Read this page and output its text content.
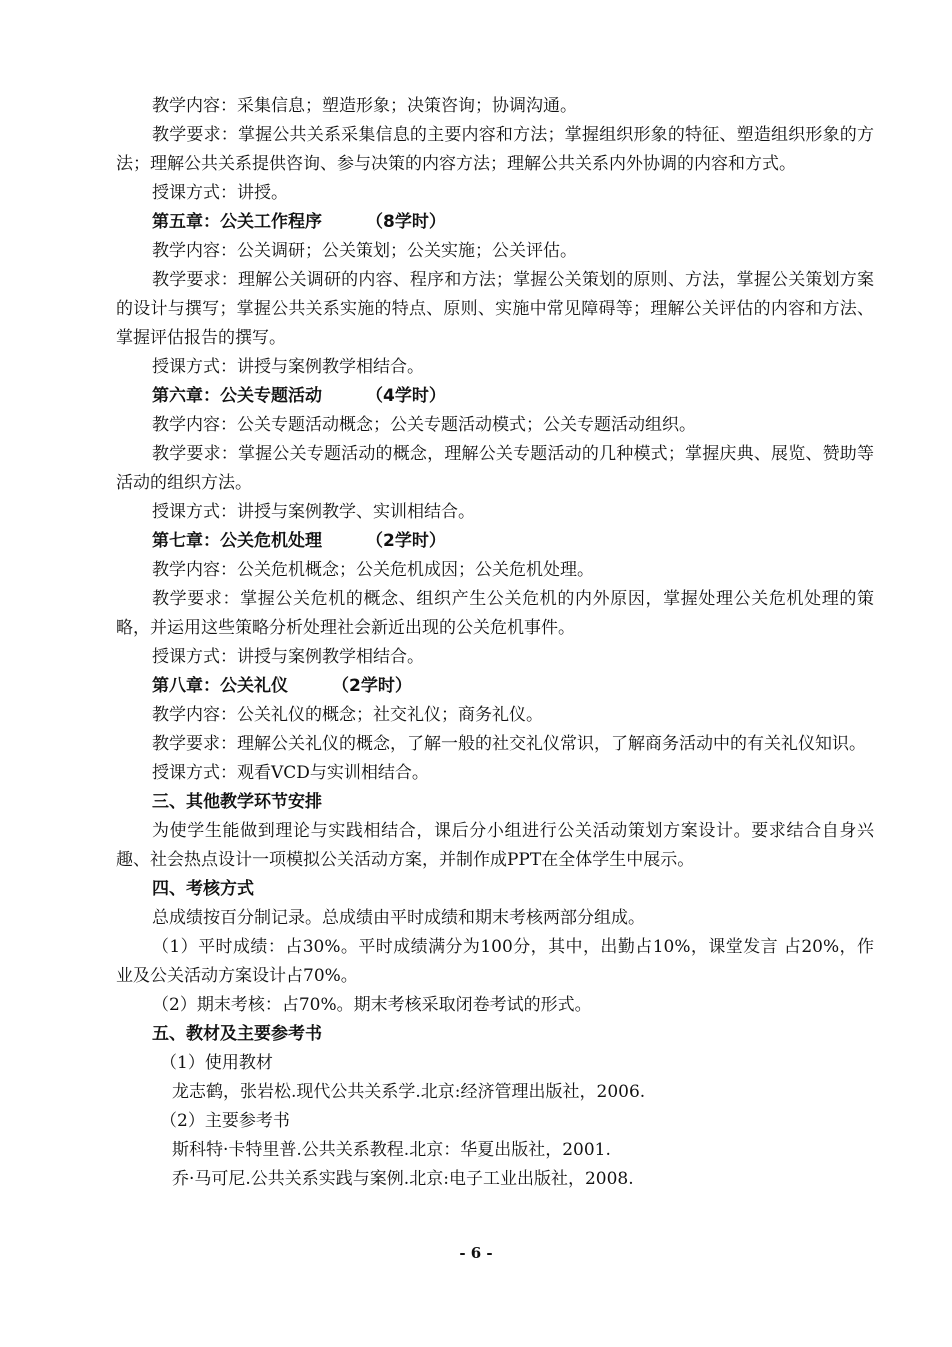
教学内容：采集信息；塑造形象；决策咨询；协调沟通。

教学要求：掌握公共关系采集信息的主要内容和方法；掌握组织形象的特征、塑造组织形象的方法；理解公共关系提供咨询、参与决策的内容方法；理解公共关系内外协调的内容和方式。

授课方式：讲授。

第五章：公关工作程序	（8学时）

教学内容：公关调研；公关策划；公关实施；公关评估。

教学要求：理解公关调研的内容、程序和方法；掌握公关策划的原则、方法，掌握公关策划方案的设计与撰写；掌握公共关系实施的特点、原则、实施中常见障碍等；理解公关评估的内容和方法、掌握评估报告的撰写。

授课方式：讲授与案例教学相结合。

第六章：公关专题活动	（4学时）

教学内容：公关专题活动概念；公关专题活动模式；公关专题活动组织。

教学要求：掌握公关专题活动的概念，理解公关专题活动的几种模式；掌握庆典、展览、赞助等活动的组织方法。

授课方式：讲授与案例教学、实训相结合。

第七章：公关危机处理	（2学时）

教学内容：公关危机概念；公关危机成因；公关危机处理。

教学要求：掌握公关危机的概念、组织产生公关危机的内外原因，掌握处理公关危机处理的策略，并运用这些策略分析处理社会新近出现的公关危机事件。

授课方式：讲授与案例教学相结合。

第八章：公关礼仪	（2学时）

教学内容：公关礼仪的概念；社交礼仪；商务礼仪。

教学要求：理解公关礼仪的概念，了解一般的社交礼仪常识，了解商务活动中的有关礼仪知识。

授课方式：观看VCD与实训相结合。

三、其他教学环节安排

为使学生能做到理论与实践相结合，课后分小组进行公关活动策划方案设计。要求结合自身兴趣、社会热点设计一项模拟公关活动方案，并制作成PPT在全体学生中展示。

四、考核方式

总成绩按百分制记录。总成绩由平时成绩和期末考核两部分组成。

（1）平时成绩：占30%。平时成绩满分为100分，其中，出勤占10%，课堂发言 占20%，作业及公关活动方案设计占70%。

（2）期末考核：占70%。期末考核采取闭卷考试的形式。

五、教材及主要参考书

（1）使用教材

龙志鹤，张岩松.现代公共关系学.北京:经济管理出版社，2006.

（2）主要参考书

斯科特·卡特里普.公共关系教程.北京：华夏出版社，2001.

乔·马可尼.公共关系实践与案例.北京:电子工业出版社，2008.

- 6 -
